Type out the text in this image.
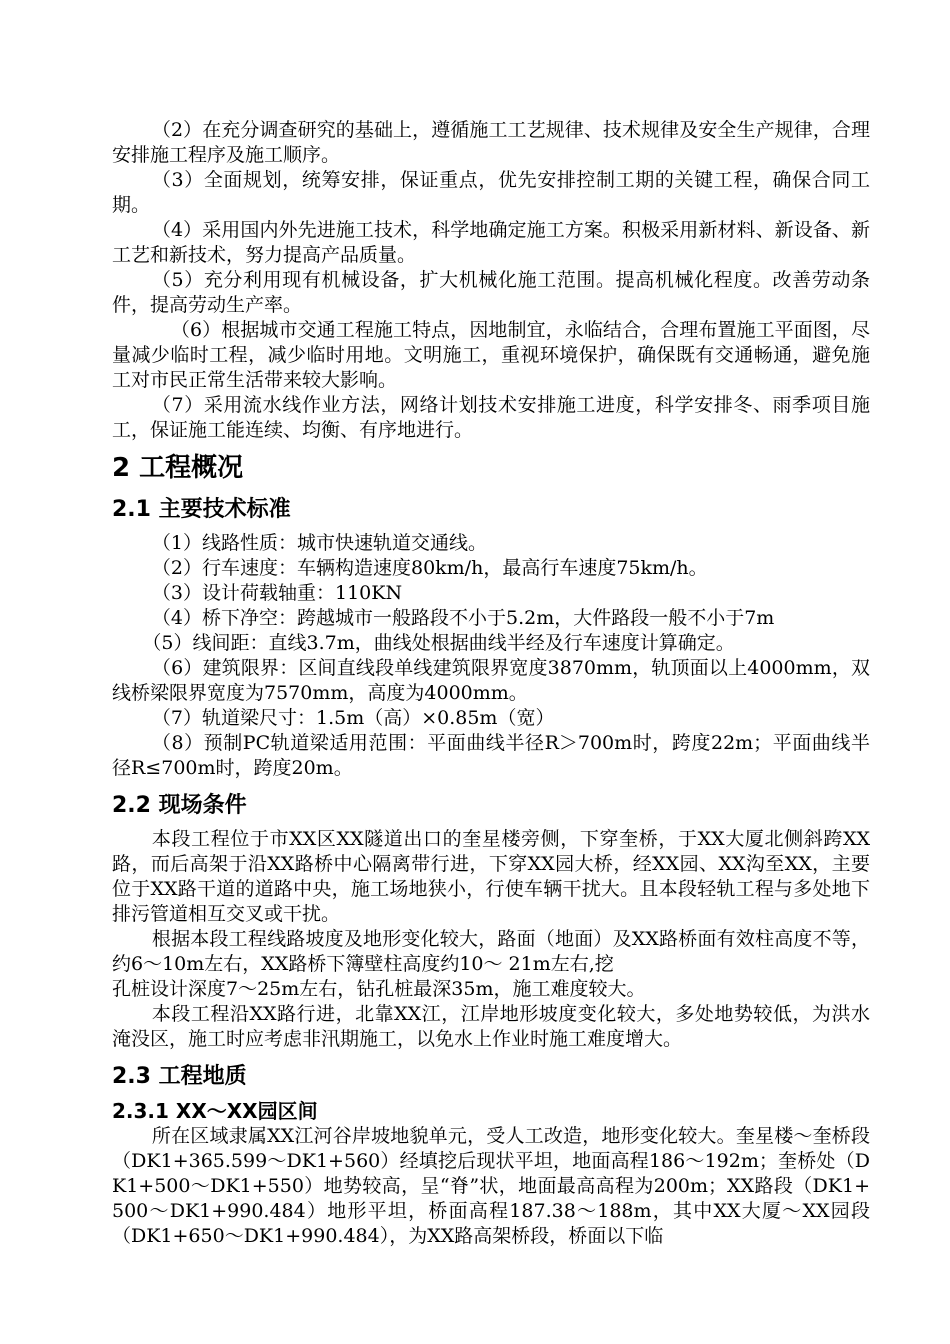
（2）在充分调查研究的基础上，遵循施工工艺规律、技术规律及安全生产规律，合理安排施工程序及施工顺序。

（3）全面规划，统筹安排，保证重点，优先安排控制工期的关键工程，确保合同工期。

（4）采用国内外先进施工技术，科学地确定施工方案。积极采用新材料、新设备、新工艺和新技术，努力提高产品质量。

（5）充分利用现有机械设备，扩大机械化施工范围。提高机械化程度。改善劳动条件，提高劳动生产率。

（6）根据城市交通工程施工特点，因地制宜，永临结合，合理布置施工平面图，尽量减少临时工程，减少临时用地。文明施工，重视环境保护，确保既有交通畅通，避免施工对市民正常生活带来较大影响。

（7）采用流水线作业方法，网络计划技术安排施工进度，科学安排冬、雨季项目施工，保证施工能连续、均衡、有序地进行。

2 工程概况
2.1 主要技术标准

（1）线路性质：城市快速轨道交通线。

（2）行车速度：车辆构造速度80km/h，最高行车速度75km/h。

（3）设计荷载轴重：110KN

（4）桥下净空：跨越城市一般路段不小于5.2m，大件路段一般不小于7m

（5）线间距：直线3.7m，曲线处根据曲线半经及行车速度计算确定。

（6）建筑限界：区间直线段单线建筑限界宽度3870mm，轨顶面以上4000mm，双线桥梁限界宽度为7570mm，高度为4000mm。

（7）轨道梁尺寸：1.5m（高）×0.85m（宽）

（8）预制PC轨道梁适用范围：平面曲线半径R＞700m时，跨度22m；平面曲线半径R≤700m时，跨度20m。

2.2 现场条件

本段工程位于市XX区XX隧道出口的奎星楼旁侧，下穿奎桥，于XX大厦北侧斜跨XX路，而后高架于沿XX路桥中心隔离带行进，下穿XX园大桥，经XX园、XX沟至XX，主要位于XX路干道的道路中央，施工场地狭小，行使车辆干扰大。且本段轻轨工程与多处地下排污管道相互交叉或干扰。

根据本段工程线路坡度及地形变化较大，路面（地面）及XX路桥面有效柱高度不等，约6～10m左右，XX路桥下簿壁柱高度约10～ 21m左右,挖

孔桩设计深度7～25m左右，钻孔桩最深35m，施工难度较大。

本段工程沿XX路行进，北靠XX江，江岸地形坡度变化较大，多处地势较低，为洪水淹没区，施工时应考虑非汛期施工，以免水上作业时施工难度增大。

2.3 工程地质
2.3.1 XX～XX园区间

所在区域隶属XX江河谷岸坡地貌单元，受人工改造，地形变化较大。奎星楼～奎桥段（DK1+365.599～DK1+560）经填挖后现状平坦，地面高程186～192m；奎桥处（DK1+500～DK1+550）地势较高，呈“脊”状，地面最高高程为200m；XX路段（DK1+500～DK1+990.484）地形平坦，桥面高程187.38～188m，其中XX大厦～XX园段（DK1+650～DK1+990.484），为XX路高架桥段，桥面以下临
